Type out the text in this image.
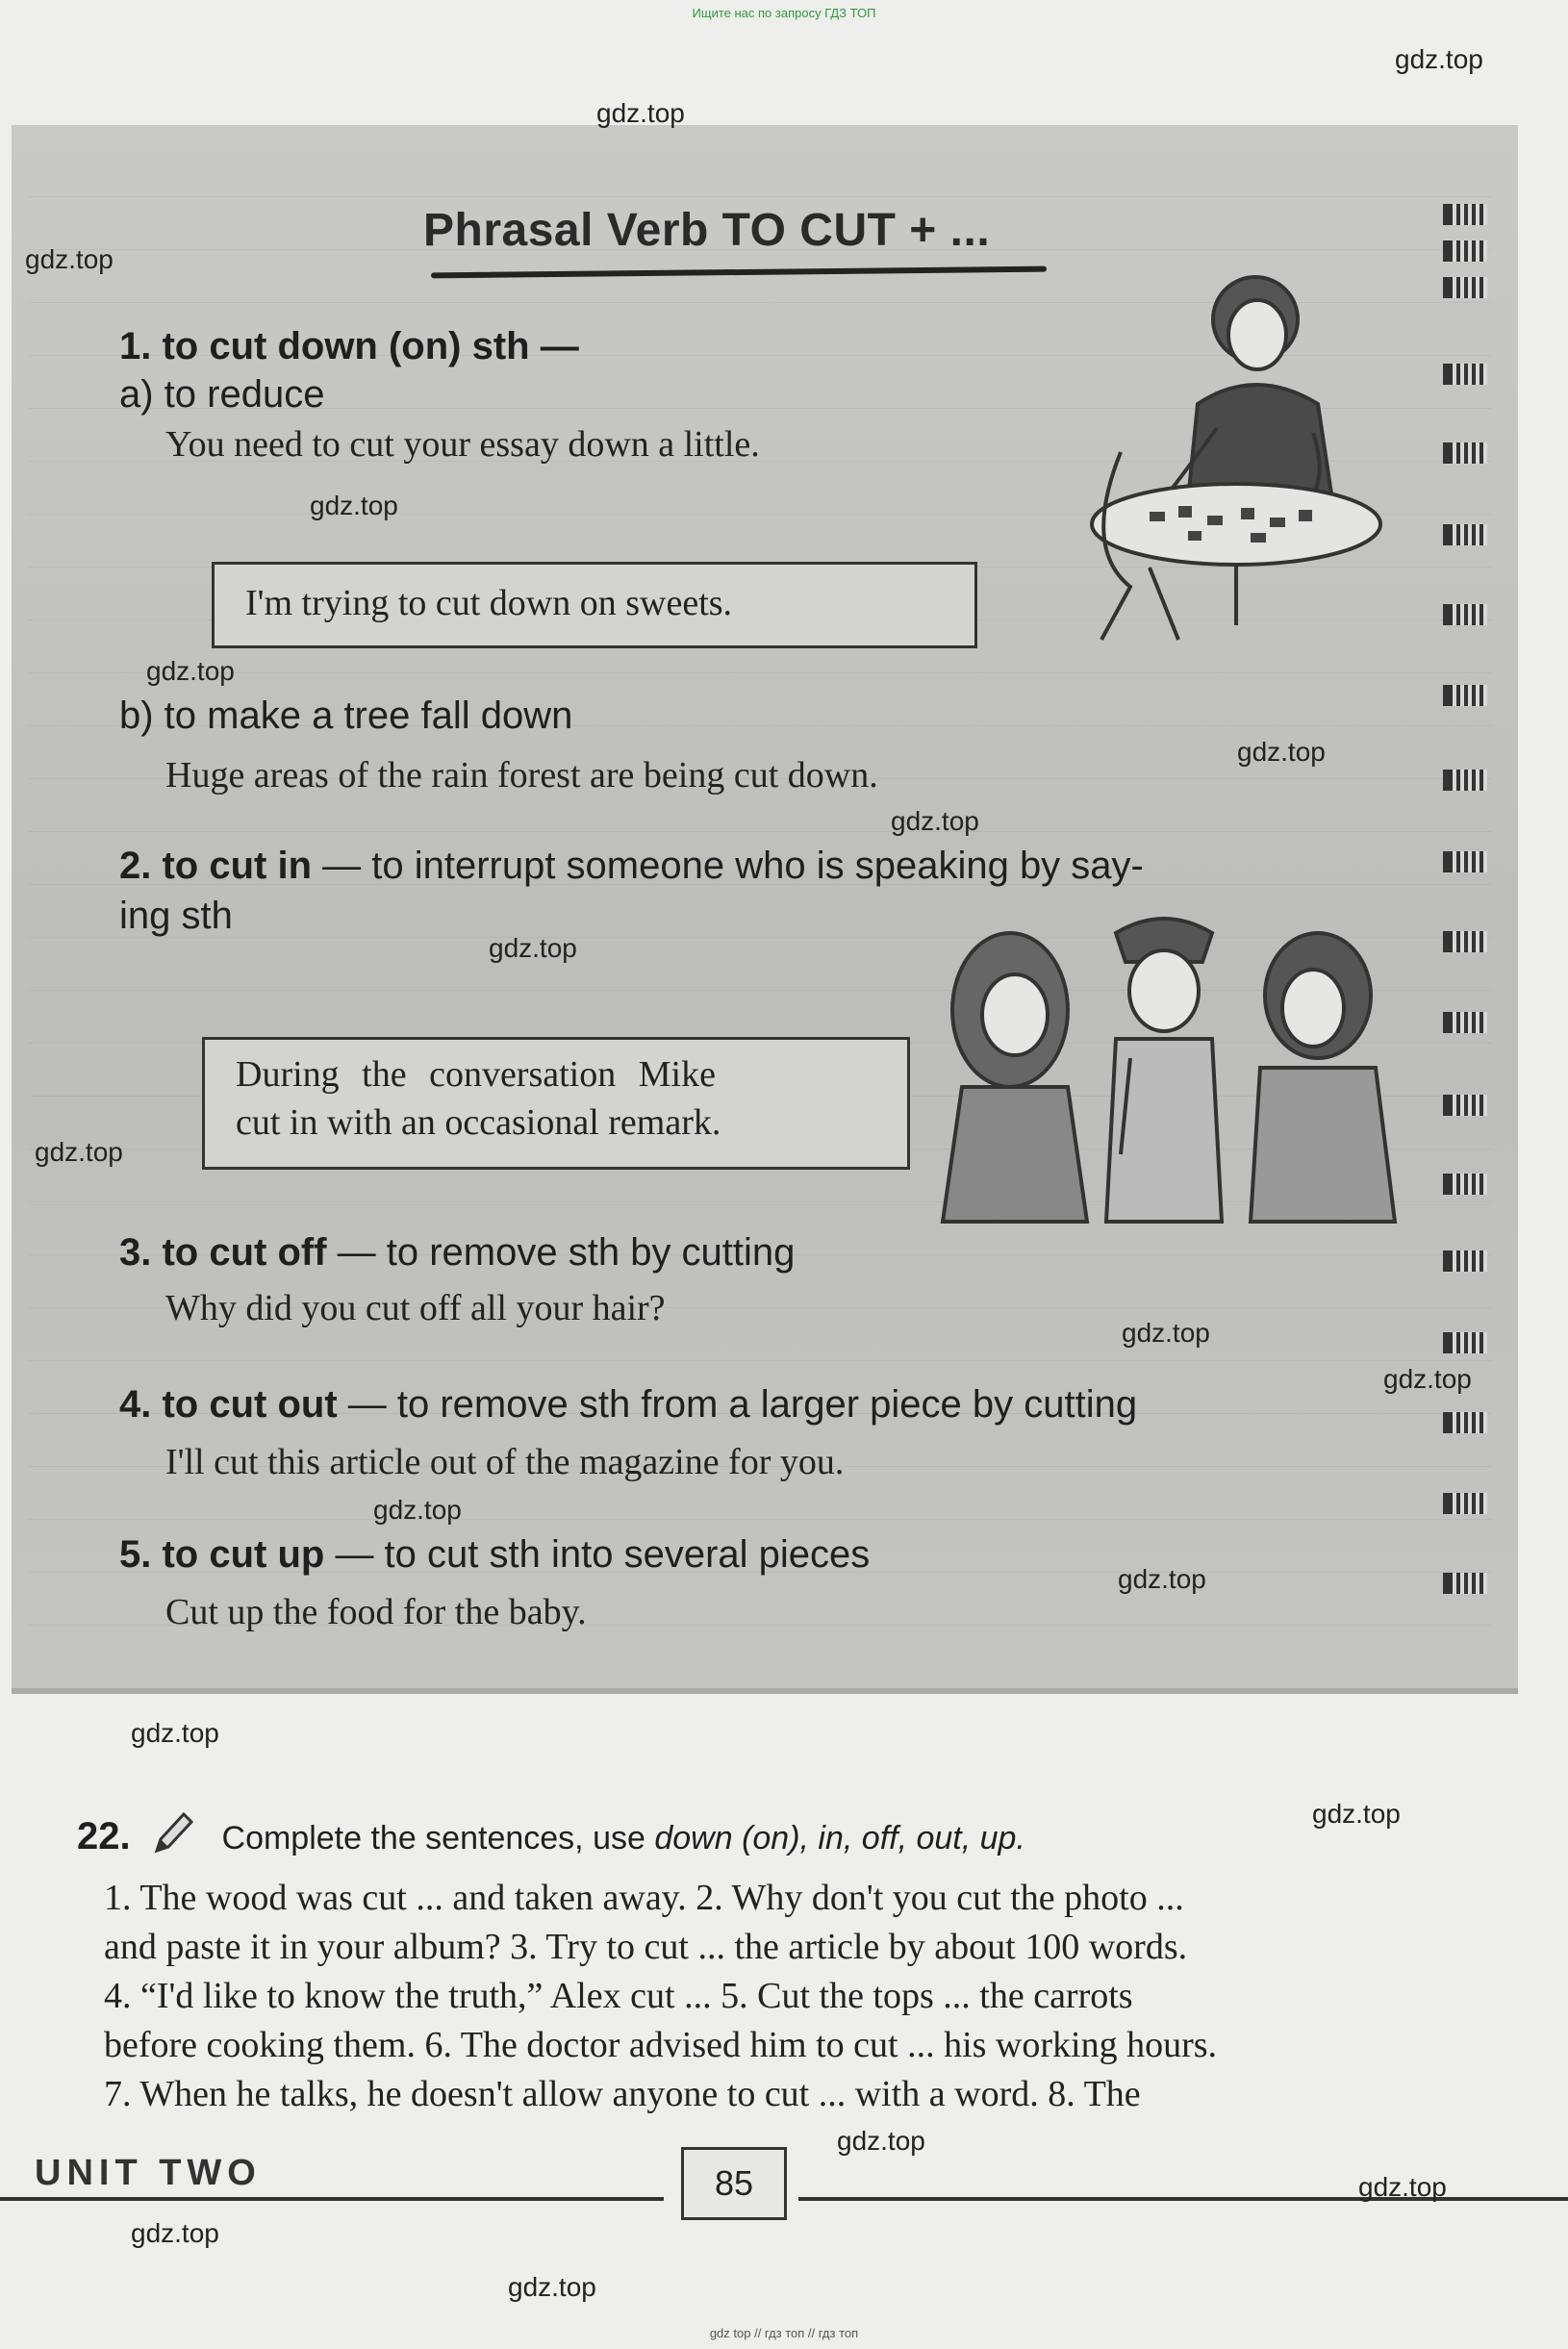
Ищите нас по запросу ГДЗ ТОП
gdz top // гдз топ // гдз топ
Phrasal Verb TO CUT + ...
1. to cut down (on) sth —
a) to reduce
You need to cut your essay down a little.
I'm trying to cut down on sweets.
b) to make a tree fall down
Huge areas of the rain forest are being cut down.
2. to cut in — to interrupt someone who is speaking by say-
ing sth
During the conversation Mike
cut in with an occasional remark.
3. to cut off — to remove sth by cutting
Why did you cut off all your hair?
4. to cut out — to remove sth from a larger piece by cutting
I'll cut this article out of the magazine for you.
5. to cut up — to cut sth into several pieces
Cut up the food for the baby.
22.	Complete the sentences, use down (on), in, off, out, up.
1. The wood was cut ... and taken away. 2. Why don't you cut the photo ...
and paste it in your album? 3. Try to cut ... the article by about 100 words.
4. “I'd like to know the truth,” Alex cut ... 5. Cut the tops ... the carrots
before cooking them. 6. The doctor advised him to cut ... his working hours.
7. When he talks, he doesn't allow anyone to cut ... with a word. 8. The
UNIT TWO	85
gdz.top
gdz.top
gdz.top
gdz.top
gdz.top
gdz.top
gdz.top
gdz.top
gdz.top
gdz.top
gdz.top
gdz.top
gdz.top
gdz.top
gdz.top
gdz.top
gdz.top
gdz.top
gdz.top
